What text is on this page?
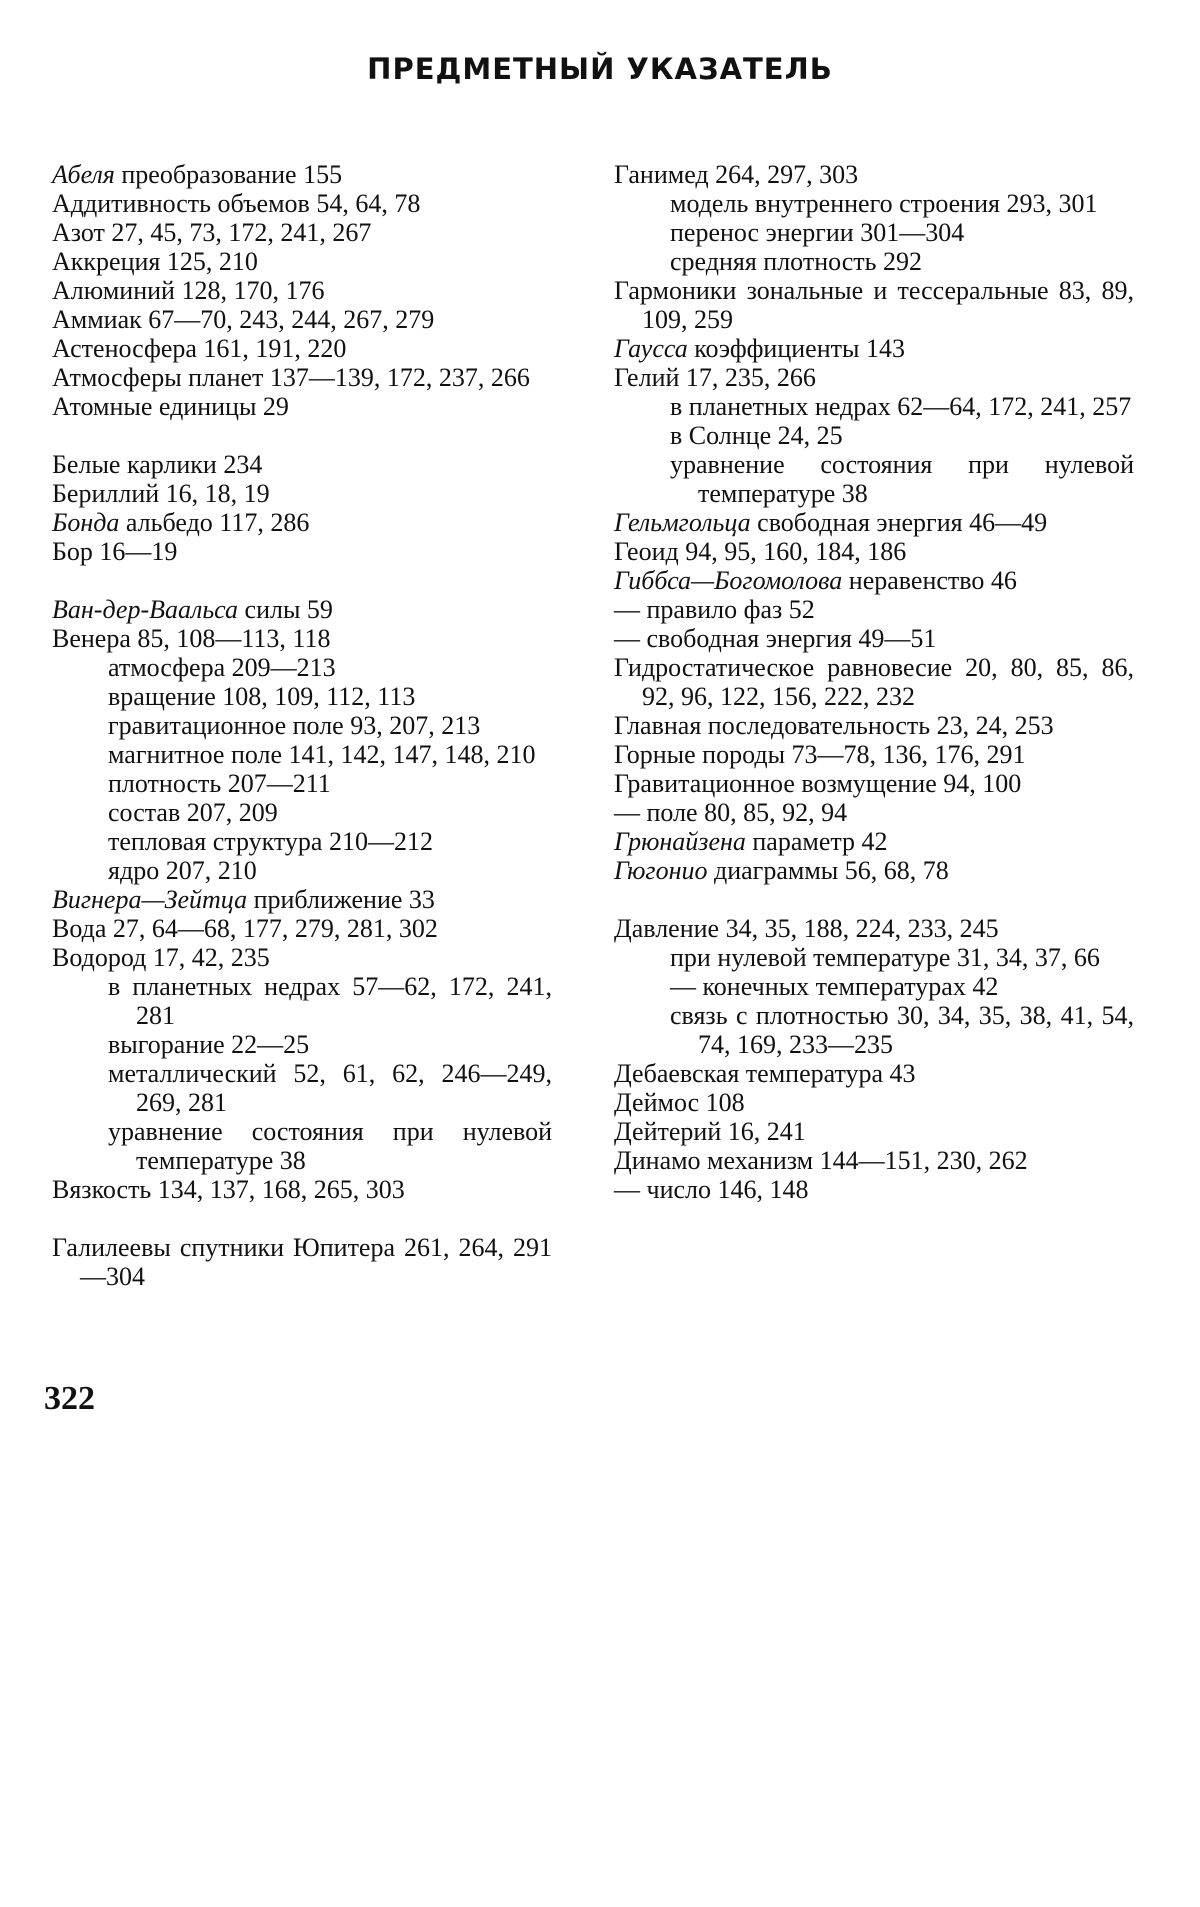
ПРЕДМЕТНЫЙ УКАЗАТЕЛЬ
Абеля преобразование 155
Аддитивность объемов 54, 64, 78
Азот 27, 45, 73, 172, 241, 267
Аккреция 125, 210
Алюминий 128, 170, 176
Аммиак 67—70, 243, 244, 267, 279
Астеносфера 161, 191, 220
Атмосферы планет 137—139, 172, 237, 266
Атомные единицы 29
Белые карлики 234
Бериллий 16, 18, 19
Бонда альбедо 117, 286
Бор 16—19
Ван-дер-Ваальса силы 59
Венера 85, 108—113, 118
атмосфера 209—213
вращение 108, 109, 112, 113
гравитационное поле 93, 207, 213
магнитное поле 141, 142, 147, 148, 210
плотность 207—211
состав 207, 209
тепловая структура 210—212
ядро 207, 210
Вигнера—Зейтца приближение 33
Вода 27, 64—68, 177, 279, 281, 302
Водород 17, 42, 235
в планетных недрах 57—62, 172, 241, 281
выгорание 22—25
металлический 52, 61, 62, 246—249, 269, 281
уравнение состояния при нулевой температуре 38
Вязкость 134, 137, 168, 265, 303
Галилеевы спутники Юпитера 261, 264, 291—304
Ганимед 264, 297, 303
модель внутреннего строения 293, 301
перенос энергии 301—304
средняя плотность 292
Гармоники зональные и тессеральные 83, 89, 109, 259
Гаусса коэффициенты 143
Гелий 17, 235, 266
в планетных недрах 62—64, 172, 241, 257
в Солнце 24, 25
уравнение состояния при нулевой температуре 38
Гельмгольца свободная энергия 46—49
Геоид 94, 95, 160, 184, 186
Гиббса—Богомолова неравенство 46
— правило фаз 52
— свободная энергия 49—51
Гидростатическое равновесие 20, 80, 85, 86, 92, 96, 122, 156, 222, 232
Главная последовательность 23, 24, 253
Горные породы 73—78, 136, 176, 291
Гравитационное возмущение 94, 100
— поле 80, 85, 92, 94
Грюнайзена параметр 42
Гюгонио диаграммы 56, 68, 78
Давление 34, 35, 188, 224, 233, 245
при нулевой температуре 31, 34, 37, 66
— конечных температурах 42
связь с плотностью 30, 34, 35, 38, 41, 54, 74, 169, 233—235
Дебаевская температура 43
Деймос 108
Дейтерий 16, 241
Динамо механизм 144—151, 230, 262
— число 146, 148
322
